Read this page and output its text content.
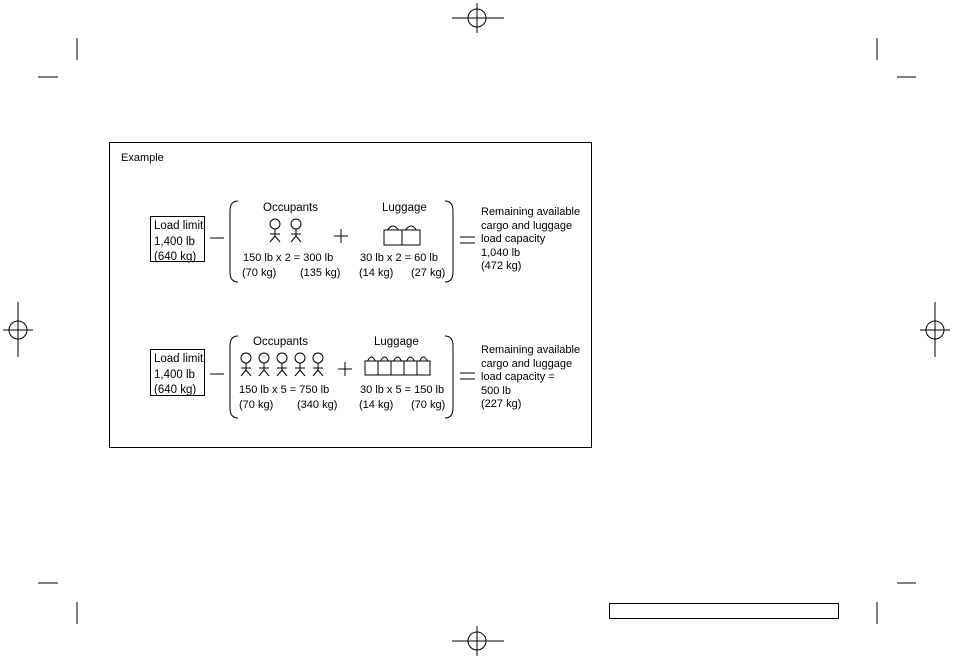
Example
Load limit
1,400 lb
(640 kg)
Occupants	Luggage
150 lb x 2 = 300 lb
(70 kg) (135 kg)
30 lb x 2 = 60 lb
(14 kg) (27 kg)
Remaining available
cargo and luggage
load capacity
1,040 lb
(472 kg)
Load limit
1,400 lb
(640 kg)
Occupants	Luggage
150 lb x 5 = 750 lb
(70 kg) (340 kg)
30 lb x 5 = 150 lb
(14 kg) (70 kg)
Remaining available
cargo and luggage
load capacity =
500 lb
(227 kg)
